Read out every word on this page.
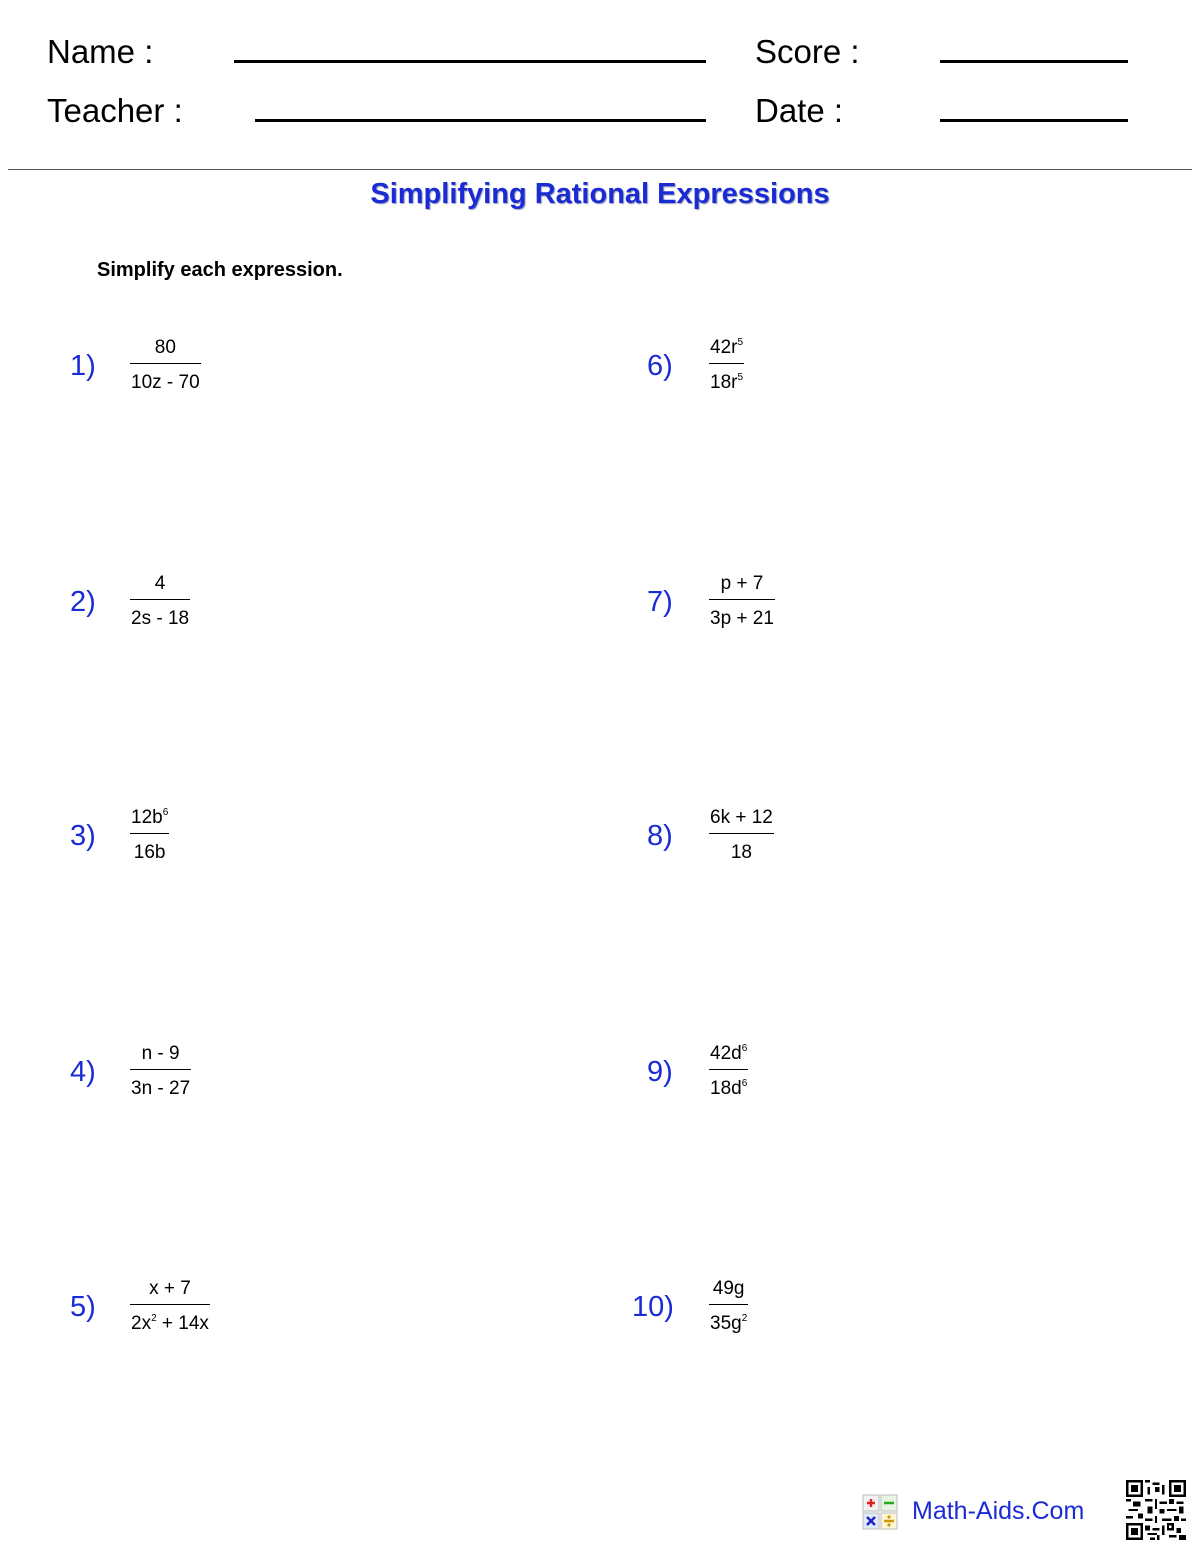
Name :
Teacher :
Score :
Date :
Simplifying Rational Expressions
Simplify each expression.
$1) \frac{80}{10z - 70}$
$2) \frac{4}{2s - 18}$
$3) \frac{12b^6}{16b}$
$4) \frac{n - 9}{3n - 27}$
$5) \frac{x + 7}{2x^2 + 14x}$
$6) \frac{42r^5}{18r^5}$
$7) \frac{p + 7}{3p + 21}$
$8) \frac{6k + 12}{18}$
$9) \frac{42d^6}{18d^6}$
$10) \frac{49g}{35g^2}$
Math-Aids.Com
